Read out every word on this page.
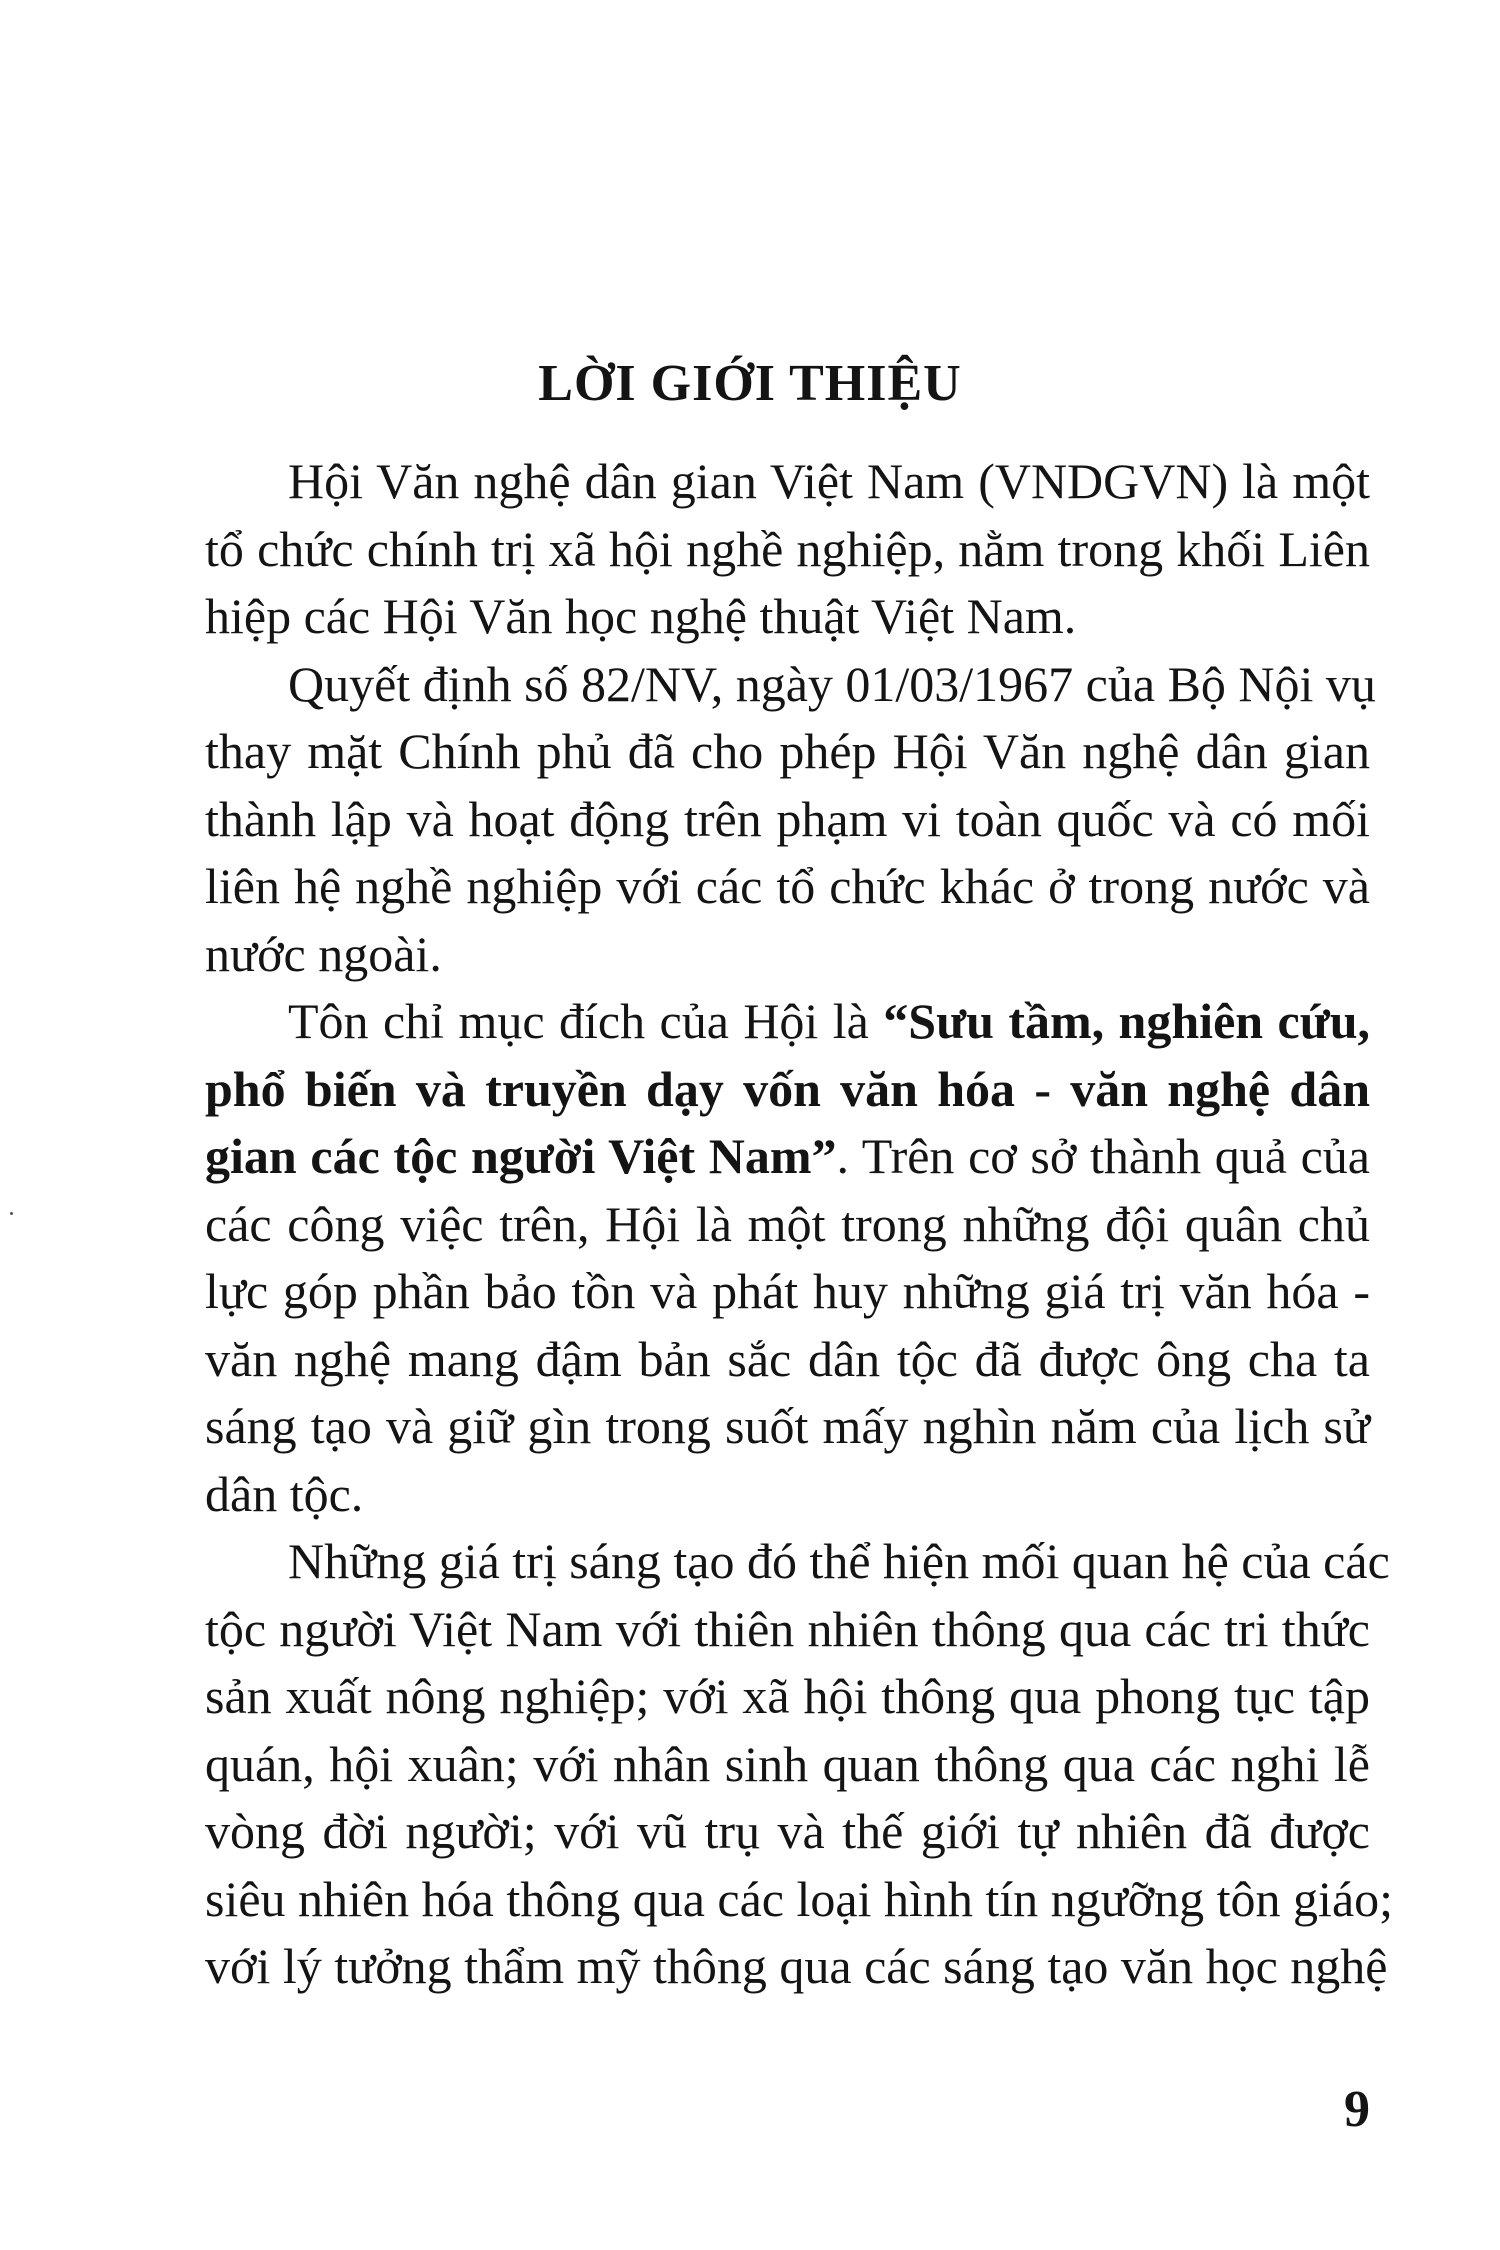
LỜI GIỚI THIỆU
Hội Văn nghệ dân gian Việt Nam (VNDGVN) là một
tổ chức chính trị xã hội nghề nghiệp, nằm trong khối Liên
hiệp các Hội Văn học nghệ thuật Việt Nam.
Quyết định số 82/NV, ngày 01/03/1967 của Bộ Nội vụ
thay mặt Chính phủ đã cho phép Hội Văn nghệ dân gian
thành lập và hoạt động trên phạm vi toàn quốc và có mối
liên hệ nghề nghiệp với các tổ chức khác ở trong nước và
nước ngoài.
Tôn chỉ mục đích của Hội là “Sưu tầm, nghiên cứu,
phổ biến và truyền dạy vốn văn hóa - văn nghệ dân
gian các tộc người Việt Nam”. Trên cơ sở thành quả của
các công việc trên, Hội là một trong những đội quân chủ
lực góp phần bảo tồn và phát huy những giá trị văn hóa -
văn nghệ mang đậm bản sắc dân tộc đã được ông cha ta
sáng tạo và giữ gìn trong suốt mấy nghìn năm của lịch sử
dân tộc.
Những giá trị sáng tạo đó thể hiện mối quan hệ của các
tộc người Việt Nam với thiên nhiên thông qua các tri thức
sản xuất nông nghiệp; với xã hội thông qua phong tục tập
quán, hội xuân; với nhân sinh quan thông qua các nghi lễ
vòng đời người; với vũ trụ và thế giới tự nhiên đã được
siêu nhiên hóa thông qua các loại hình tín ngưỡng tôn giáo;
với lý tưởng thẩm mỹ thông qua các sáng tạo văn học nghệ

9
